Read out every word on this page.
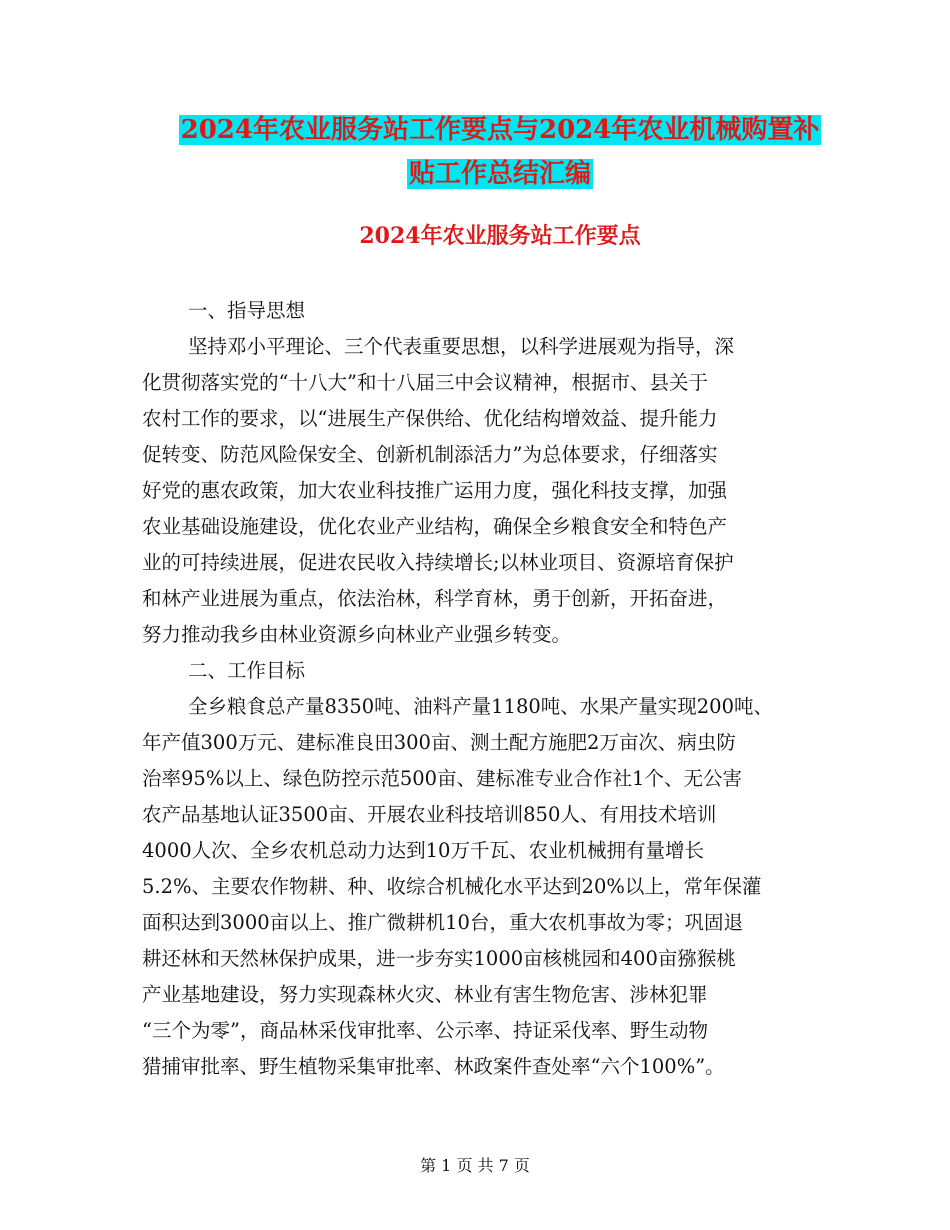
2024年农业服务站工作要点与2024年农业机械购置补
贴工作总结汇编
2024年农业服务站工作要点
一、指导思想
坚持邓小平理论、三个代表重要思想，以科学进展观为指导，深
化贯彻落实党的“十八大”和十八届三中会议精神，根据市、县关于
农村工作的要求，以“进展生产保供给、优化结构增效益、提升能力
促转变、防范风险保安全、创新机制添活力”为总体要求，仔细落实
好党的惠农政策，加大农业科技推广运用力度，强化科技支撑，加强
农业基础设施建设，优化农业产业结构，确保全乡粮食安全和特色产
业的可持续进展，促进农民收入持续增长;以林业项目、资源培育保护
和林产业进展为重点，依法治林，科学育林，勇于创新，开拓奋进，
努力推动我乡由林业资源乡向林业产业强乡转变。
二、工作目标
全乡粮食总产量8350吨、油料产量1180吨、水果产量实现200吨、
年产值300万元、建标准良田300亩、测土配方施肥2万亩次、病虫防
治率95%以上、绿色防控示范500亩、建标准专业合作社1个、无公害
农产品基地认证3500亩、开展农业科技培训850人、有用技术培训
4000人次、全乡农机总动力达到10万千瓦、农业机械拥有量增长
5.2%、主要农作物耕、种、收综合机械化水平达到20%以上，常年保灌
面积达到3000亩以上、推广微耕机10台，重大农机事故为零；巩固退
耕还林和天然林保护成果，进一步夯实1000亩核桃园和400亩猕猴桃
产业基地建设，努力实现森林火灾、林业有害生物危害、涉林犯罪
“三个为零”，商品林采伐审批率、公示率、持证采伐率、野生动物
猎捕审批率、野生植物采集审批率、林政案件查处率“六个100%”。
第 1 页 共 7 页
